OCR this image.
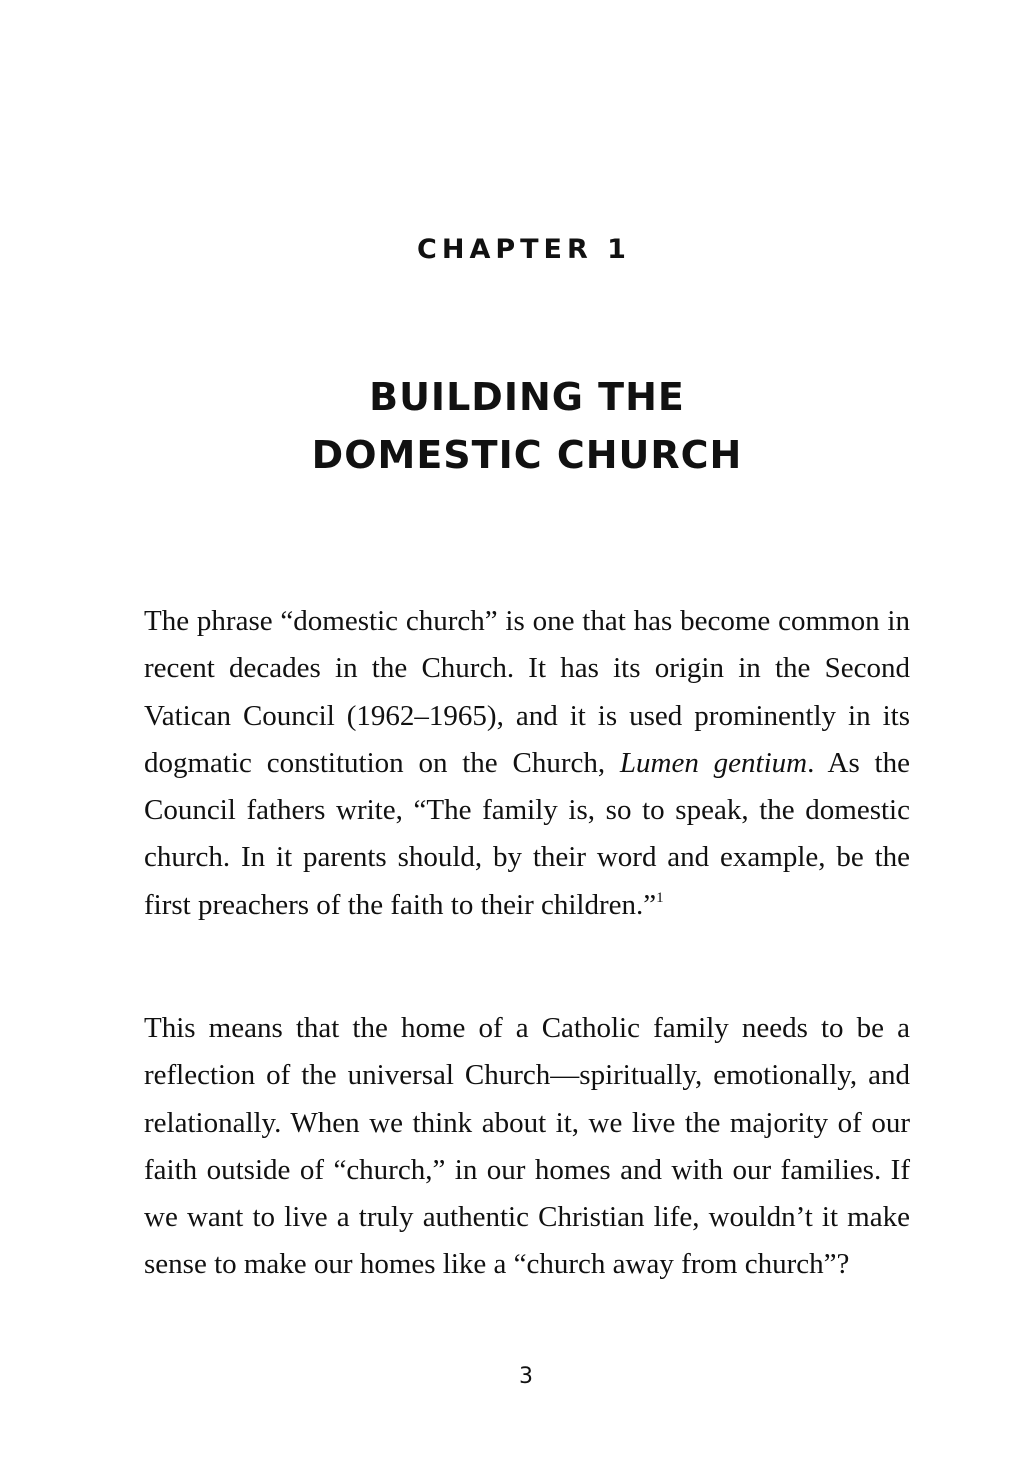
CHAPTER 1
BUILDING THE
DOMESTIC CHURCH

The phrase “domestic church” is one that has become common in recent decades in the Church. It has its origin in the Second Vatican Council (1962–1965), and it is used prominently in its dogmatic constitution on the Church, Lumen gentium. As the Council fathers write, “The family is, so to speak, the domestic church. In it parents should, by their word and example, be the first preachers of the faith to their children.”$^1$

This means that the home of a Catholic family needs to be a reflection of the universal Church—spiritually, emotionally, and relationally. When we think about it, we live the majority of our faith outside of “church,” in our homes and with our families. If we want to live a truly authentic Christian life, wouldn’t it make sense to make our homes like a “church away from church”?

3
